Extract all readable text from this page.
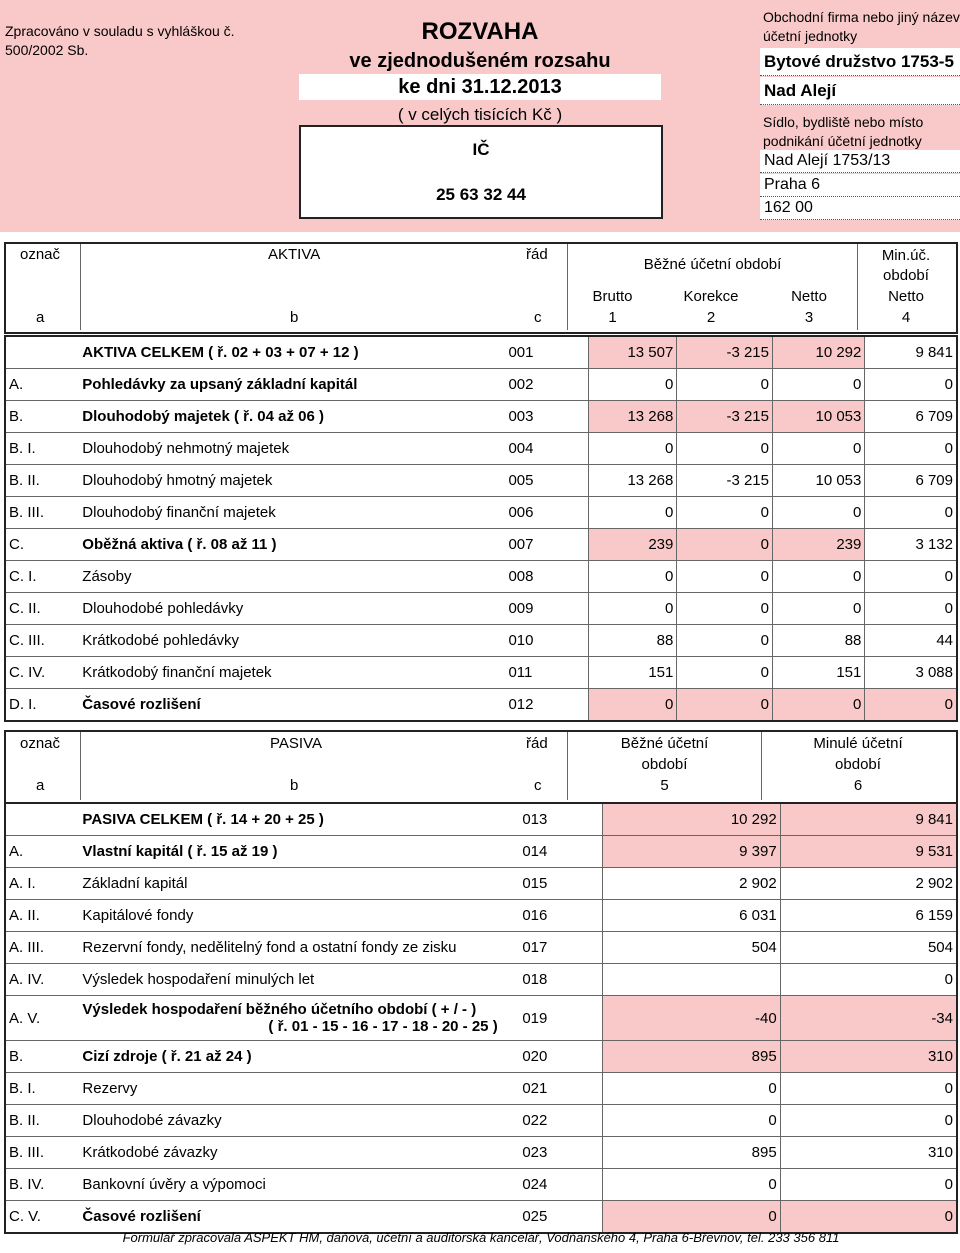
Zpracováno v souladu s vyhláškou č. 500/2002 Sb.
ROZVAHA
ve zjednodušeném rozsahu
ke dni 31.12.2013
( v celých tisících Kč )
IČ
25 63 32 44
Obchodní firma nebo jiný název účetní jednotky
Bytové družstvo 1753-5
Nad Alejí
Sídlo, bydliště nebo místo podnikání účetní jednotky
Nad Alejí 1753/13
Praha 6
162 00
označ	AKTIVA	řád
Běžné účetní období
Min.úč. období
Brutto	Korekce	Netto	Netto
a	b	c	1	2	3	4
	AKTIVA CELKEM ( ř. 02 + 03 + 07 + 12 )	001	13 507	-3 215	10 292	9 841
A.	Pohledávky za upsaný základní kapitál	002	0	0	0	0
B.	Dlouhodobý majetek ( ř. 04 až 06 )	003	13 268	-3 215	10 053	6 709
B. I.	Dlouhodobý nehmotný majetek	004	0	0	0	0
B. II.	Dlouhodobý hmotný majetek	005	13 268	-3 215	10 053	6 709
B. III.	Dlouhodobý finanční majetek	006	0	0	0	0
C.	Oběžná aktiva ( ř. 08 až 11 )	007	239	0	239	3 132
C. I.	Zásoby	008	0	0	0	0
C. II.	Dlouhodobé pohledávky	009	0	0	0	0
C. III.	Krátkodobé pohledávky	010	88	0	88	44
C. IV.	Krátkodobý finanční majetek	011	151	0	151	3 088
D. I.	Časové rozlišení	012	0	0	0	0
označ	PASIVA	řád	Běžné účetní
období
Minulé účetní
období
a	b	c	5	6
	PASIVA CELKEM ( ř. 14 + 20 + 25 )	013	10 292	9 841
A.	Vlastní kapitál ( ř. 15 až 19 )	014	9 397	9 531
A. I.	Základní kapitál	015	2 902	2 902
A. II.	Kapitálové fondy	016	6 031	6 159
A. III.	Rezervní fondy, nedělitelný fond a ostatní fondy ze zisku	017	504	504
A. IV.	Výsledek hospodaření minulých let	018		0
A. V.	Výsledek hospodaření běžného účetního období ( + / - )
( ř. 01 - 15 - 16 - 17 - 18 - 20 - 25 )	019	-40	-34
B.	Cizí zdroje ( ř. 21 až 24 )	020	895	310
B. I.	Rezervy	021	0	0
B. II.	Dlouhodobé závazky	022	0	0
B. III.	Krátkodobé závazky	023	895	310
B. IV.	Bankovní úvěry a výpomoci	024	0	0
C. V.	Časové rozlišení	025	0	0
Formulář zpracovala ASPEKT HM, daňová, účetní a auditorská kancelář, Vodňanského 4, Praha 6-Břevnov, tel. 233 356 811
